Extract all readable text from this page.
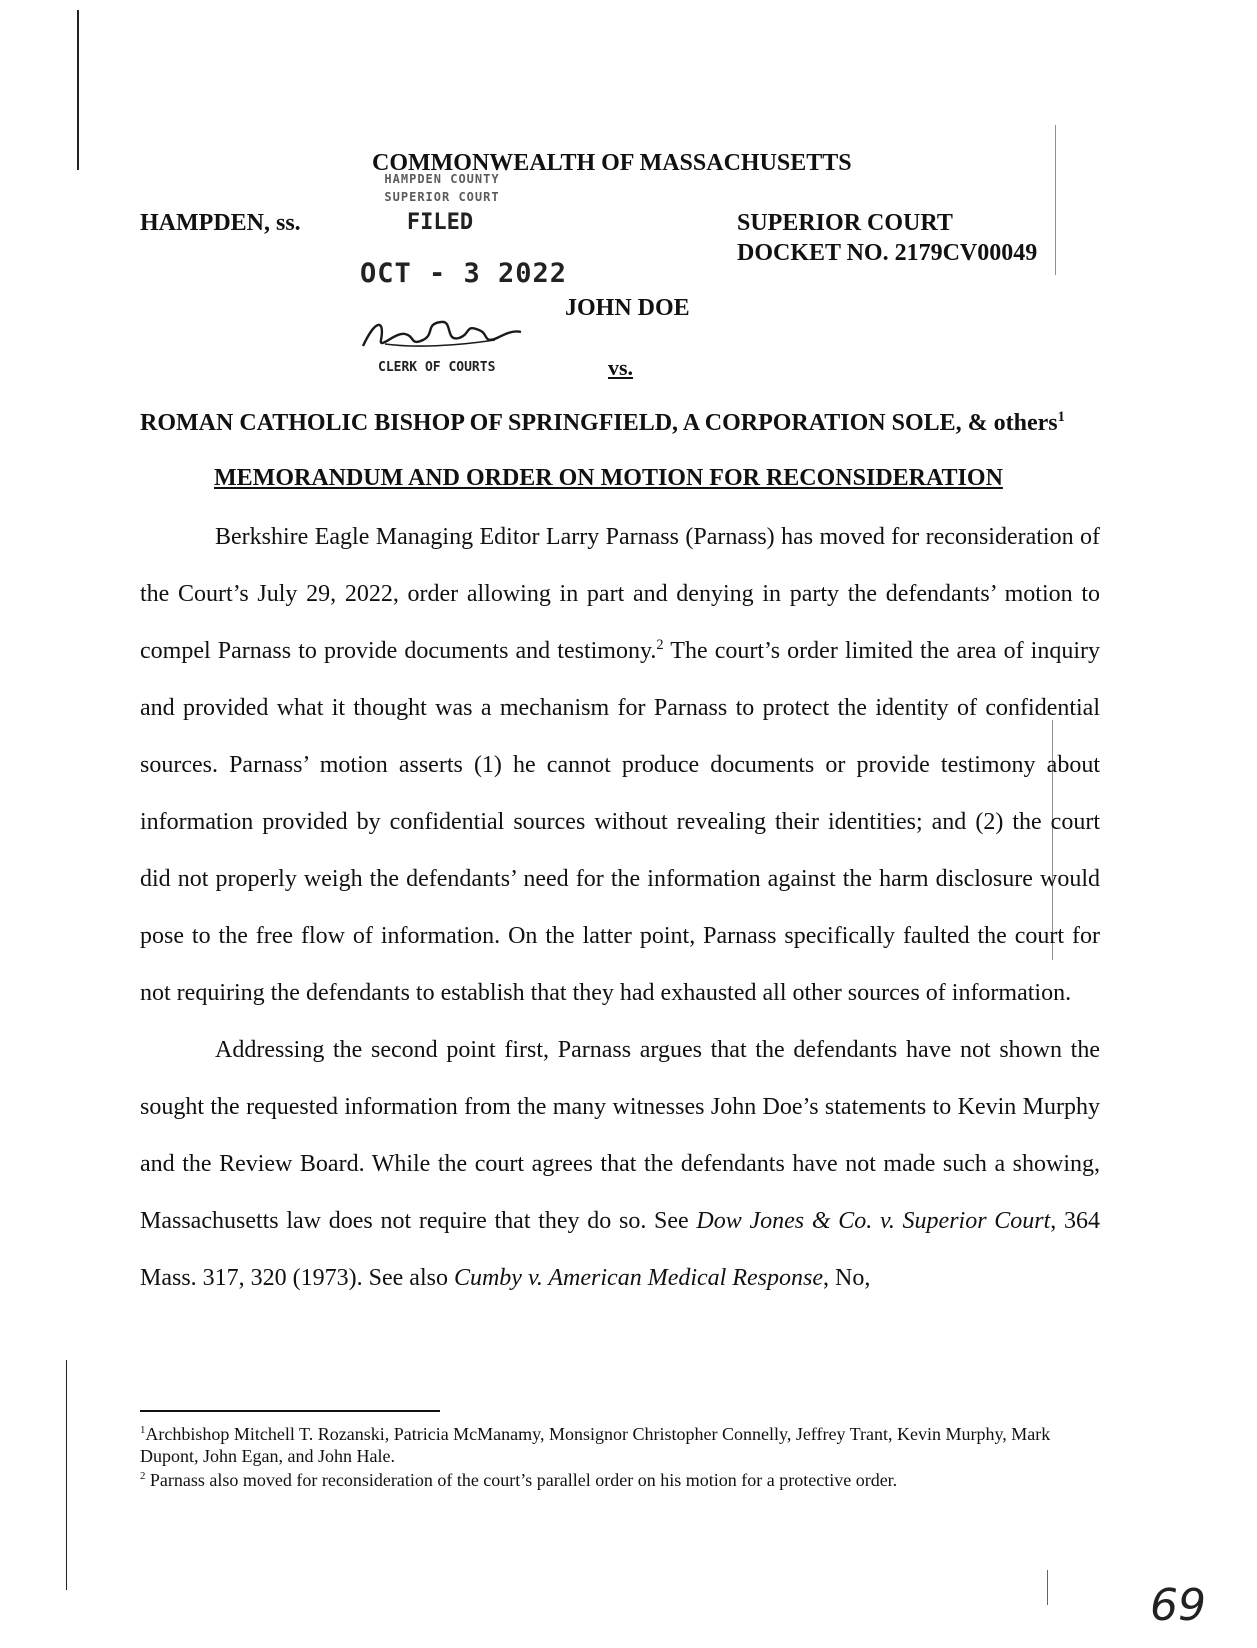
COMMONWEALTH OF MASSACHUSETTS
HAMPDEN, ss.	SUPERIOR COURT
DOCKET NO. 2179CV00049
HAMPDEN COUNTY
SUPERIOR COURT
FILED
OCT - 3 2022
CLERK OF COURTS
JOHN DOE
vs.
ROMAN CATHOLIC BISHOP OF SPRINGFIELD, A CORPORATION SOLE, & others$^1$
MEMORANDUM AND ORDER ON MOTION FOR RECONSIDERATION

Berkshire Eagle Managing Editor Larry Parnass (Parnass) has moved for reconsideration of the Court’s July 29, 2022, order allowing in part and denying in party the defendants’ motion to compel Parnass to provide documents and testimony.$^2$ The court’s order limited the area of inquiry and provided what it thought was a mechanism for Parnass to protect the identity of confidential sources. Parnass’ motion asserts (1) he cannot produce documents or provide testimony about information provided by confidential sources without revealing their identities; and (2) the court did not properly weigh the defendants’ need for the information against the harm disclosure would pose to the free flow of information. On the latter point, Parnass specifically faulted the court for not requiring the defendants to establish that they had exhausted all other sources of information.

Addressing the second point first, Parnass argues that the defendants have not shown the sought the requested information from the many witnesses John Doe’s statements to Kevin Murphy and the Review Board. While the court agrees that the defendants have not made such a showing, Massachusetts law does not require that they do so. See Dow Jones & Co. v. Superior Court, 364 Mass. 317, 320 (1973). See also Cumby v. American Medical Response, No,

$^1$Archbishop Mitchell T. Rozanski, Patricia McManamy, Monsignor Christopher Connelly, Jeffrey Trant, Kevin Murphy, Mark Dupont, John Egan, and John Hale.
$^2$ Parnass also moved for reconsideration of the court’s parallel order on his motion for a protective order.
69
